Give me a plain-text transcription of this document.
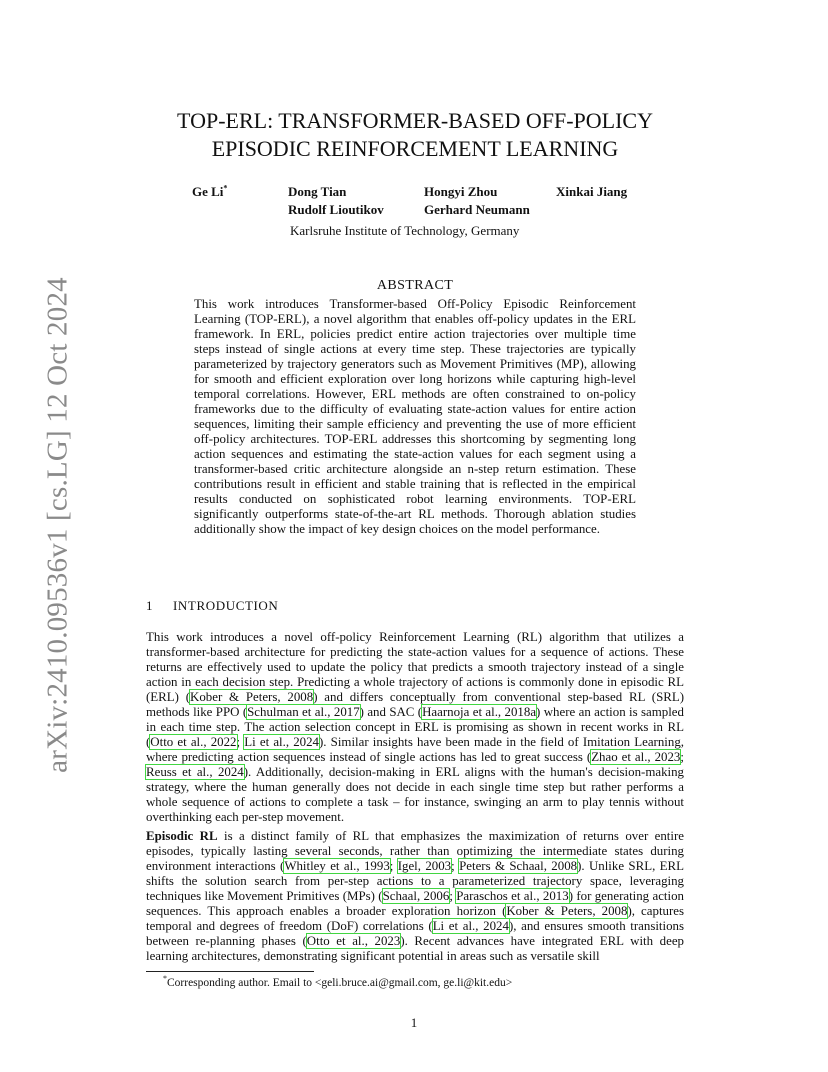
arXiv:2410.09536v1 [cs.LG] 12 Oct 2024
TOP-ERL: TRANSFORMER-BASED OFF-POLICY
EPISODIC REINFORCEMENT LEARNING
Ge Li*	Dong Tian	Hongyi Zhou	Xinkai Jiang
Rudolf Lioutikov	Gerhard Neumann
Karlsruhe Institute of Technology, Germany
ABSTRACT
This work introduces Transformer-based Off-Policy Episodic Reinforcement Learning (TOP-ERL), a novel algorithm that enables off-policy updates in the ERL framework. In ERL, policies predict entire action trajectories over multiple time steps instead of single actions at every time step. These trajectories are typically parameterized by trajectory generators such as Movement Primitives (MP), allowing for smooth and efficient exploration over long horizons while capturing high-level temporal correlations. However, ERL methods are often constrained to on-policy frameworks due to the difficulty of evaluating state-action values for entire action sequences, limiting their sample efficiency and preventing the use of more efficient off-policy architectures. TOP-ERL addresses this shortcoming by segmenting long action sequences and estimating the state-action values for each segment using a transformer-based critic architecture alongside an n-step return estimation. These contributions result in efficient and stable training that is reflected in the empirical results conducted on sophisticated robot learning environments. TOP-ERL significantly outperforms state-of-the-art RL methods. Thorough ablation studies additionally show the impact of key design choices on the model performance.
1 INTRODUCTION
This work introduces a novel off-policy Reinforcement Learning (RL) algorithm that utilizes a transformer-based architecture for predicting the state-action values for a sequence of actions. These returns are effectively used to update the policy that predicts a smooth trajectory instead of a single action in each decision step. Predicting a whole trajectory of actions is commonly done in episodic RL (ERL) (Kober & Peters, 2008) and differs conceptually from conventional step-based RL (SRL) methods like PPO (Schulman et al., 2017) and SAC (Haarnoja et al., 2018a) where an action is sampled in each time step. The action selection concept in ERL is promising as shown in recent works in RL (Otto et al., 2022; Li et al., 2024). Similar insights have been made in the field of Imitation Learning, where predicting action sequences instead of single actions has led to great success (Zhao et al., 2023; Reuss et al., 2024). Additionally, decision-making in ERL aligns with the human's decision-making strategy, where the human generally does not decide in each single time step but rather performs a whole sequence of actions to complete a task – for instance, swinging an arm to play tennis without overthinking each per-step movement.
Episodic RL is a distinct family of RL that emphasizes the maximization of returns over entire episodes, typically lasting several seconds, rather than optimizing the intermediate states during environment interactions (Whitley et al., 1993; Igel, 2003; Peters & Schaal, 2008). Unlike SRL, ERL shifts the solution search from per-step actions to a parameterized trajectory space, leveraging techniques like Movement Primitives (MPs) (Schaal, 2006; Paraschos et al., 2013) for generating action sequences. This approach enables a broader exploration horizon (Kober & Peters, 2008), captures temporal and degrees of freedom (DoF) correlations (Li et al., 2024), and ensures smooth transitions between re-planning phases (Otto et al., 2023). Recent advances have integrated ERL with deep learning architectures, demonstrating significant potential in areas such as versatile skill
*Corresponding author. Email to <geli.bruce.ai@gmail.com, ge.li@kit.edu>
1
